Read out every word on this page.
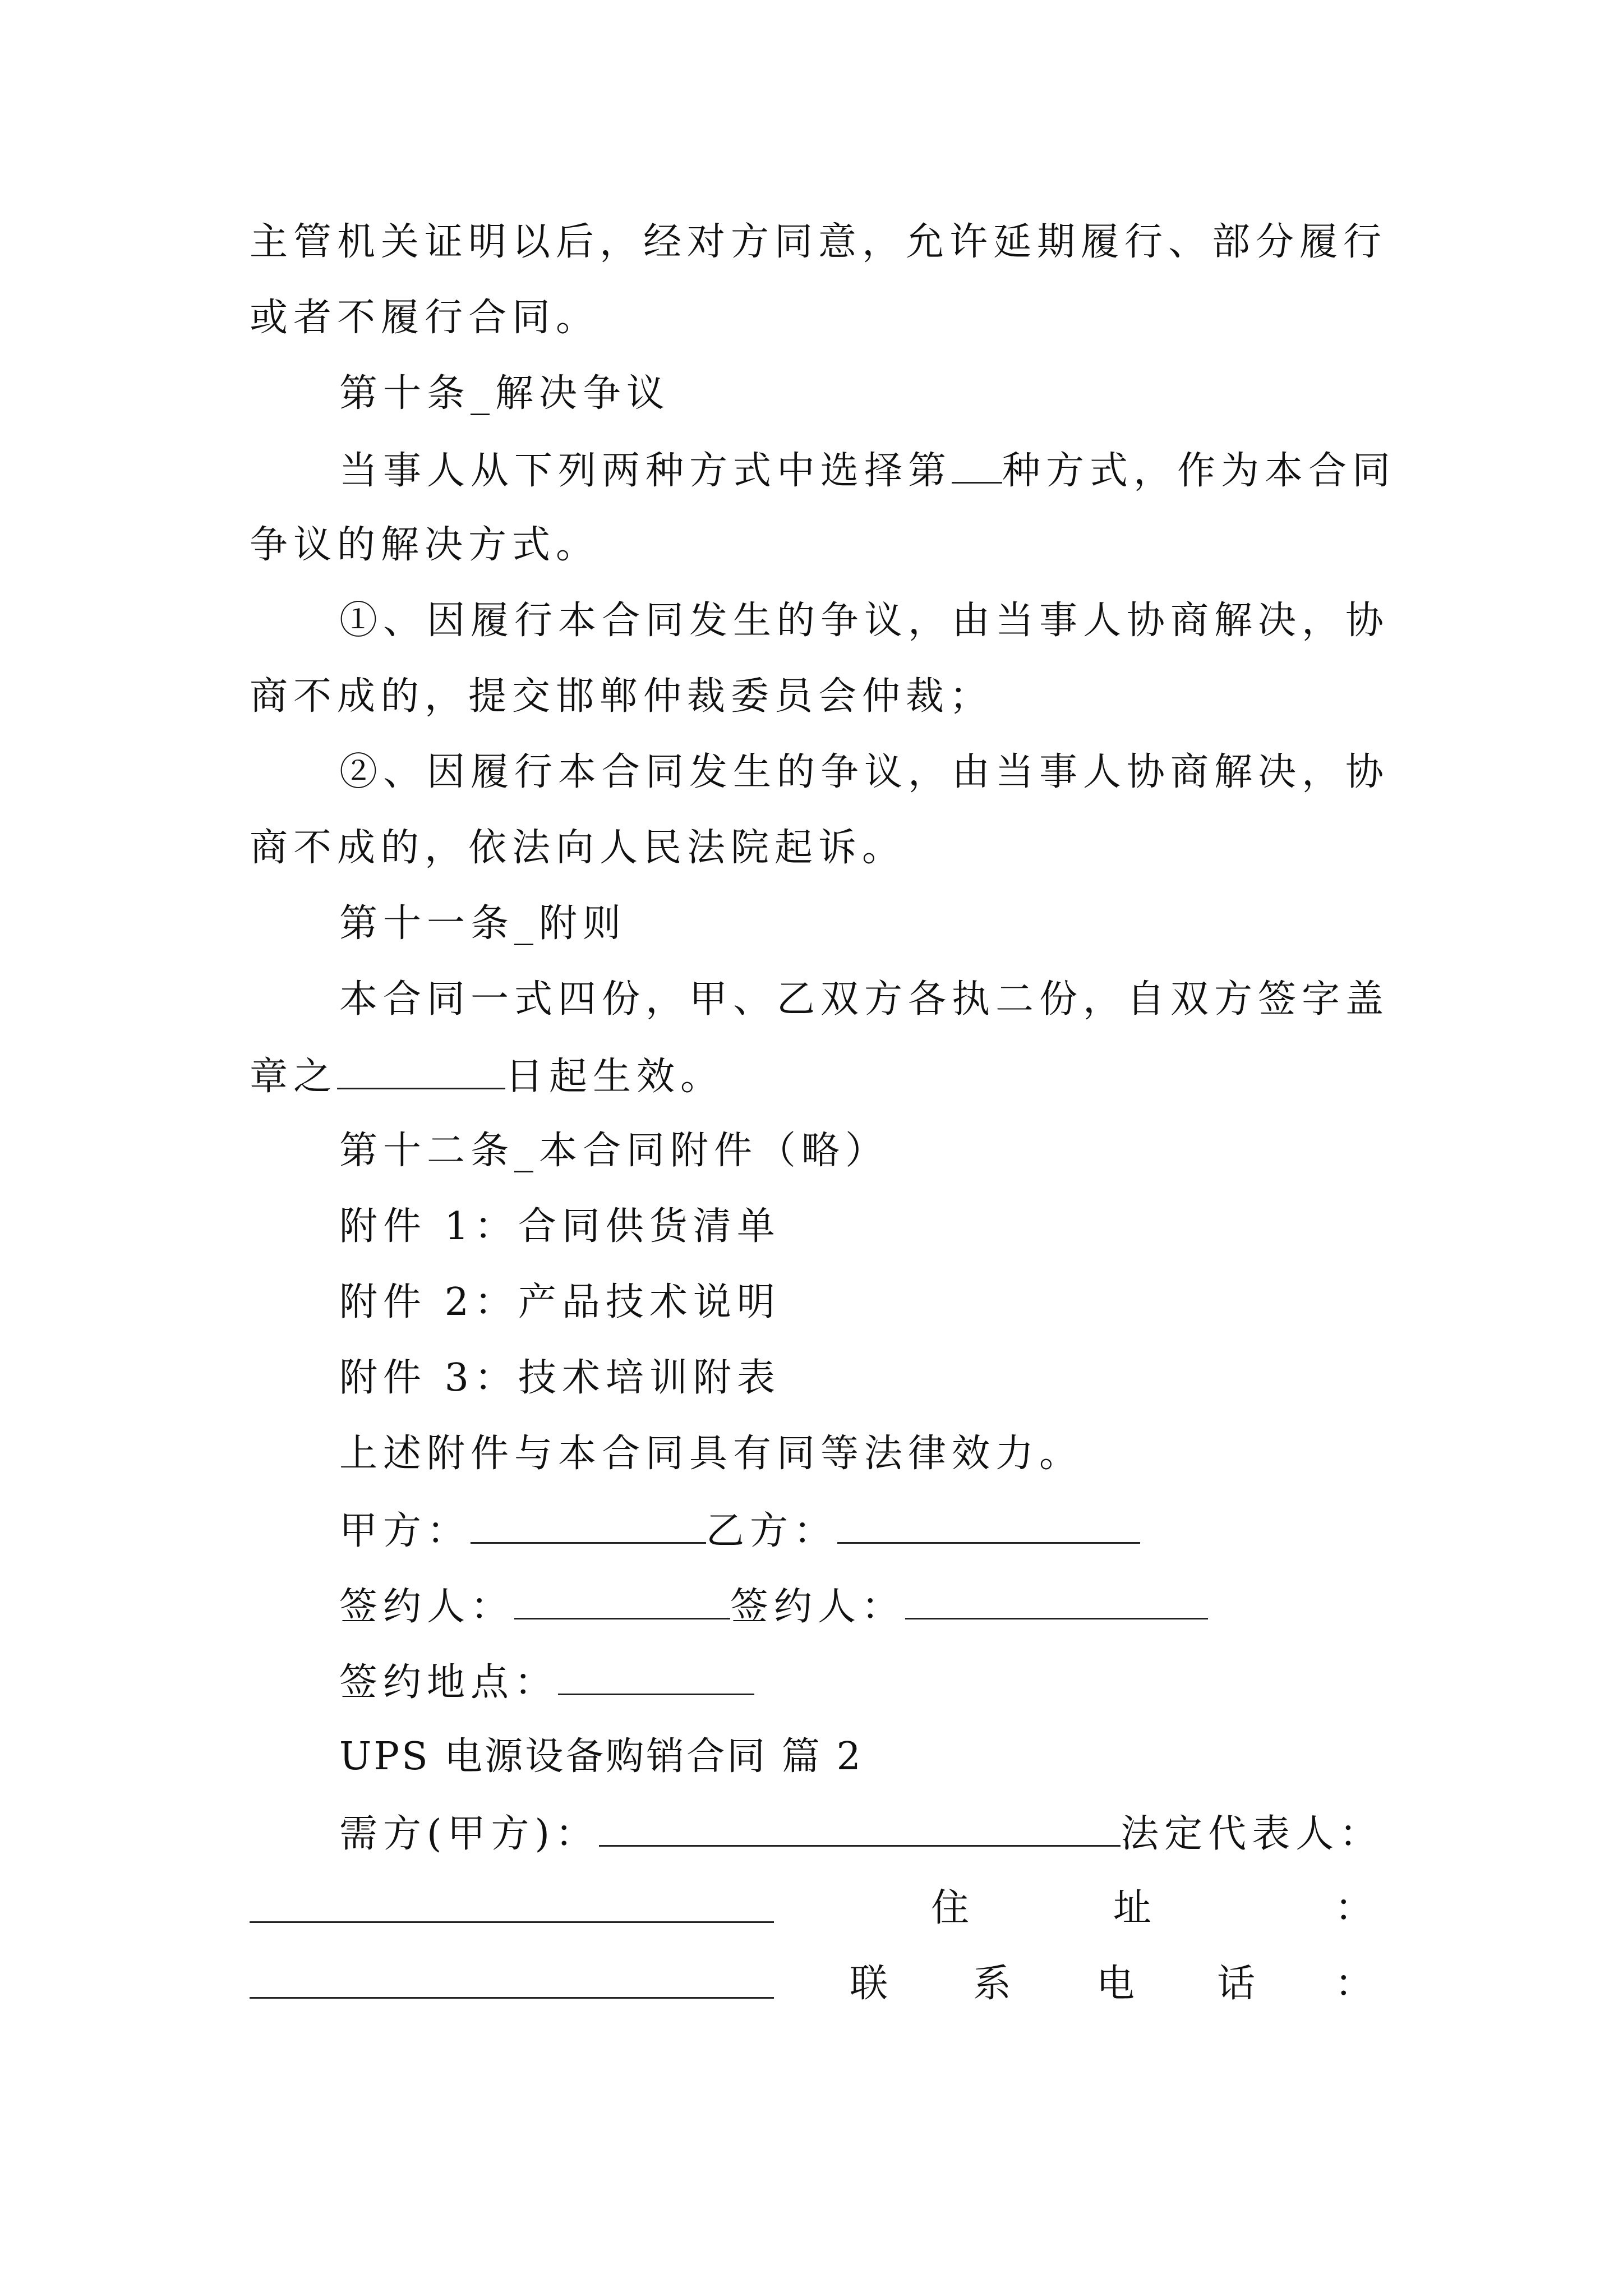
主管机关证明以后，经对方同意，允许延期履行、部分履行
或者不履行合同。
第十条_解决争议
当事人从下列两种方式中选择第 种方式，作为本合同
争议的解决方式。
①、因履行本合同发生的争议，由当事人协商解决，协
商不成的，提交邯郸仲裁委员会仲裁；
②、因履行本合同发生的争议，由当事人协商解决，协
商不成的，依法向人民法院起诉。
第十一条_附则
本合同一式四份，甲、乙双方各执二份，自双方签字盖
章之	日起生效。
第十二条_本合同附件（略）
附件 1：合同供货清单
附件 2：产品技术说明
附件 3：技术培训附表
上述附件与本合同具有同等法律效力。
甲方：	乙方：
签约人：	签约人：
签约地点：
UPS 电源设备购销合同 篇 2
需方(甲方)：	法定代表人：
住	址	：
联 系 电 话 ：
